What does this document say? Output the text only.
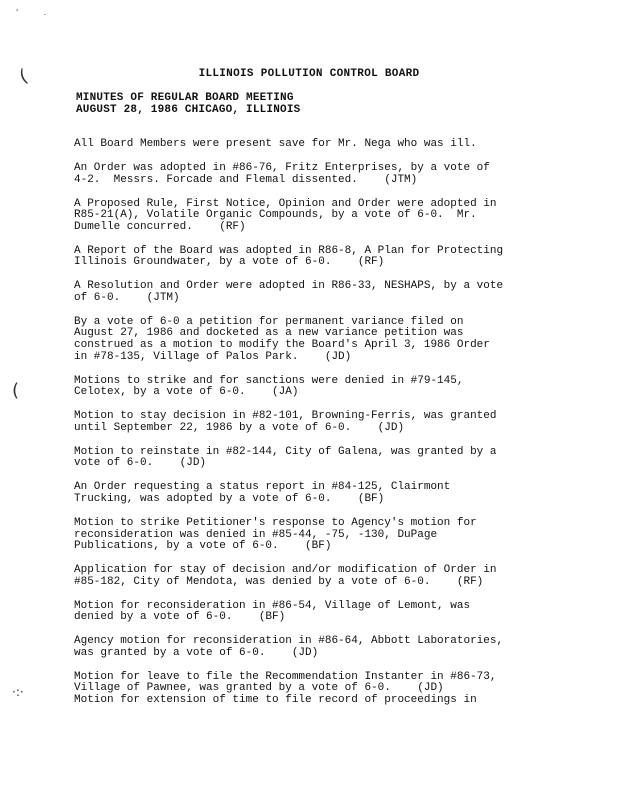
'          .
(
(
·:·
ILLINOIS POLLUTION CONTROL BOARD
MINUTES OF REGULAR BOARD MEETING
AUGUST 28, 1986 CHICAGO, ILLINOIS
All Board Members were present save for Mr. Nega who was ill.
An Order was adopted in #86-76, Fritz Enterprises, by a vote of
4-2.  Messrs. Forcade and Flemal dissented.    (JTM)
A Proposed Rule, First Notice, Opinion and Order were adopted in
R85-21(A), Volatile Organic Compounds, by a vote of 6-0.  Mr.
Dumelle concurred.    (RF)
A Report of the Board was adopted in R86-8, A Plan for Protecting
Illinois Groundwater, by a vote of 6-0.    (RF)
A Resolution and Order were adopted in R86-33, NESHAPS, by a vote
of 6-0.    (JTM)
By a vote of 6-0 a petition for permanent variance filed on
August 27, 1986 and docketed as a new variance petition was
construed as a motion to modify the Board's April 3, 1986 Order
in #78-135, Village of Palos Park.    (JD)
Motions to strike and for sanctions were denied in #79-145,
Celotex, by a vote of 6-0.    (JA)
Motion to stay decision in #82-101, Browning-Ferris, was granted
until September 22, 1986 by a vote of 6-0.    (JD)
Motion to reinstate in #82-144, City of Galena, was granted by a
vote of 6-0.    (JD)
An Order requesting a status report in #84-125, Clairmont
Trucking, was adopted by a vote of 6-0.    (BF)
Motion to strike Petitioner's response to Agency's motion for
reconsideration was denied in #85-44, -75, -130, DuPage
Publications, by a vote of 6-0.    (BF)
Application for stay of decision and/or modification of Order in
#85-182, City of Mendota, was denied by a vote of 6-0.    (RF)
Motion for reconsideration in #86-54, Village of Lemont, was
denied by a vote of 6-0.    (BF)
Agency motion for reconsideration in #86-64, Abbott Laboratories,
was granted by a vote of 6-0.    (JD)
Motion for leave to file the Recommendation Instanter in #86-73,
Village of Pawnee, was granted by a vote of 6-0.    (JD)
Motion for extension of time to file record of proceedings in
